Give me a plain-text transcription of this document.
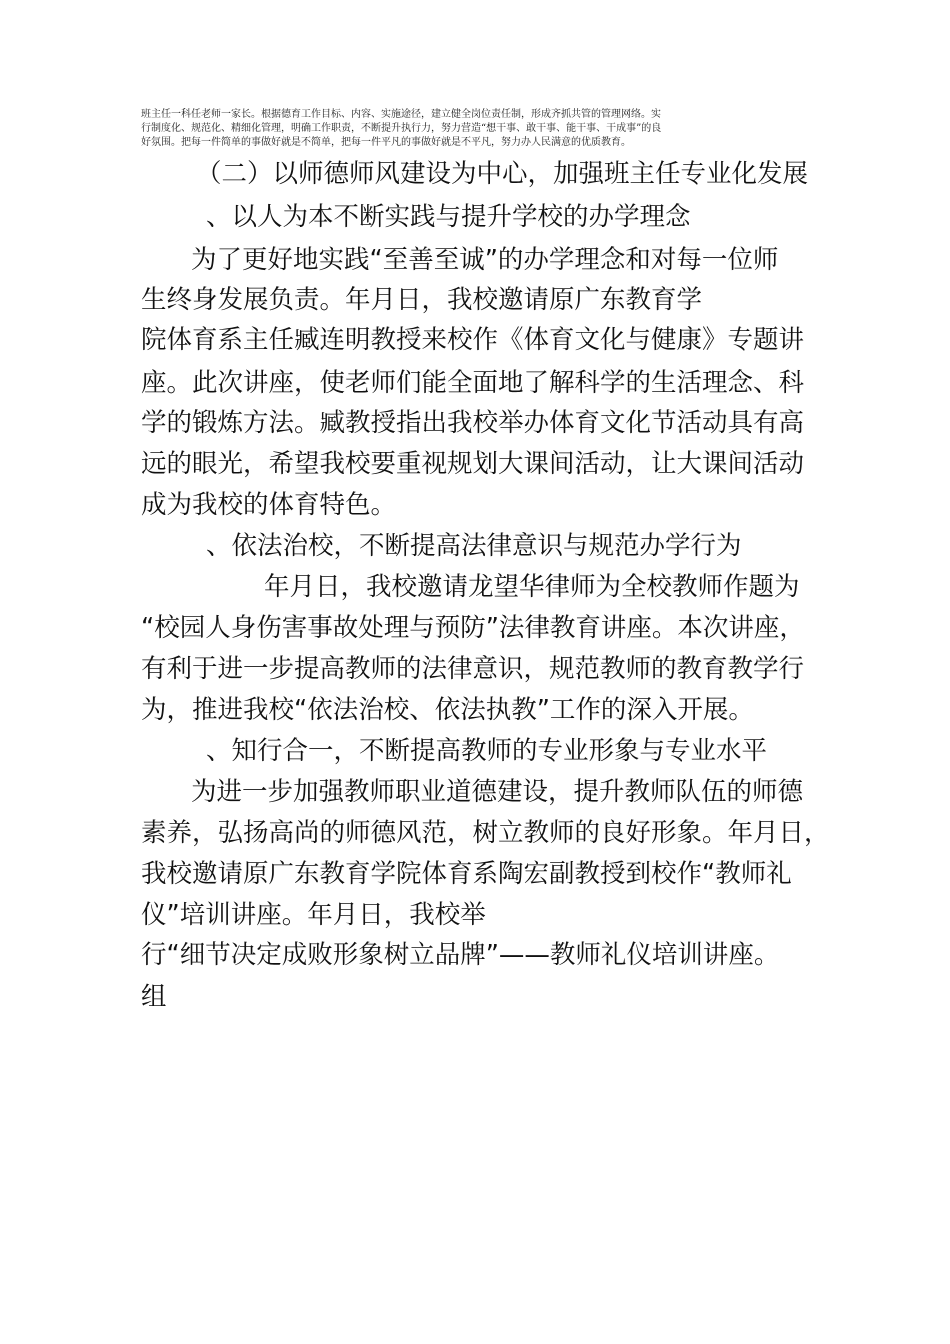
班主任一科任老师一家长。根据德育工作目标、内容、实施途径，建立健全岗位责任制，形成齐抓共管的管理网络。实
行制度化、规范化、精细化管理，明确工作职责，不断提升执行力，努力营造“想干事、敢干事、能干事、干成事”的良
好氛围。把每一件简单的事做好就是不简单，把每一件平凡的事做好就是不平凡，努力办人民满意的优质教育。

（二）以师德师风建设为中心，加强班主任专业化发展
、以人为本不断实践与提升学校的办学理念
为了更好地实践“至善至诚”的办学理念和对每一位师
生终身发展负责。年月日，我校邀请原广东教育学
院体育系主任臧连明教授来校作《体育文化与健康》专题讲
座。此次讲座，使老师们能全面地了解科学的生活理念、科
学的锻炼方法。臧教授指出我校举办体育文化节活动具有高
远的眼光，希望我校要重视规划大课间活动，让大课间活动
成为我校的体育特色。
、依法治校，不断提高法律意识与规范办学行为
年月日，我校邀请龙望华律师为全校教师作题为
“校园人身伤害事故处理与预防”法律教育讲座。本次讲座，
有利于进一步提高教师的法律意识，规范教师的教育教学行
为，推进我校“依法治校、依法执教”工作的深入开展。
、知行合一，不断提高教师的专业形象与专业水平
为进一步加强教师职业道德建设，提升教师队伍的师德
素养，弘扬高尚的师德风范，树立教师的良好形象。年月日，
我校邀请原广东教育学院体育系陶宏副教授到校作“教师礼
仪”培训讲座。年月日，我校举
行“细节决定成败形象树立品牌”——教师礼仪培训讲座。
组
